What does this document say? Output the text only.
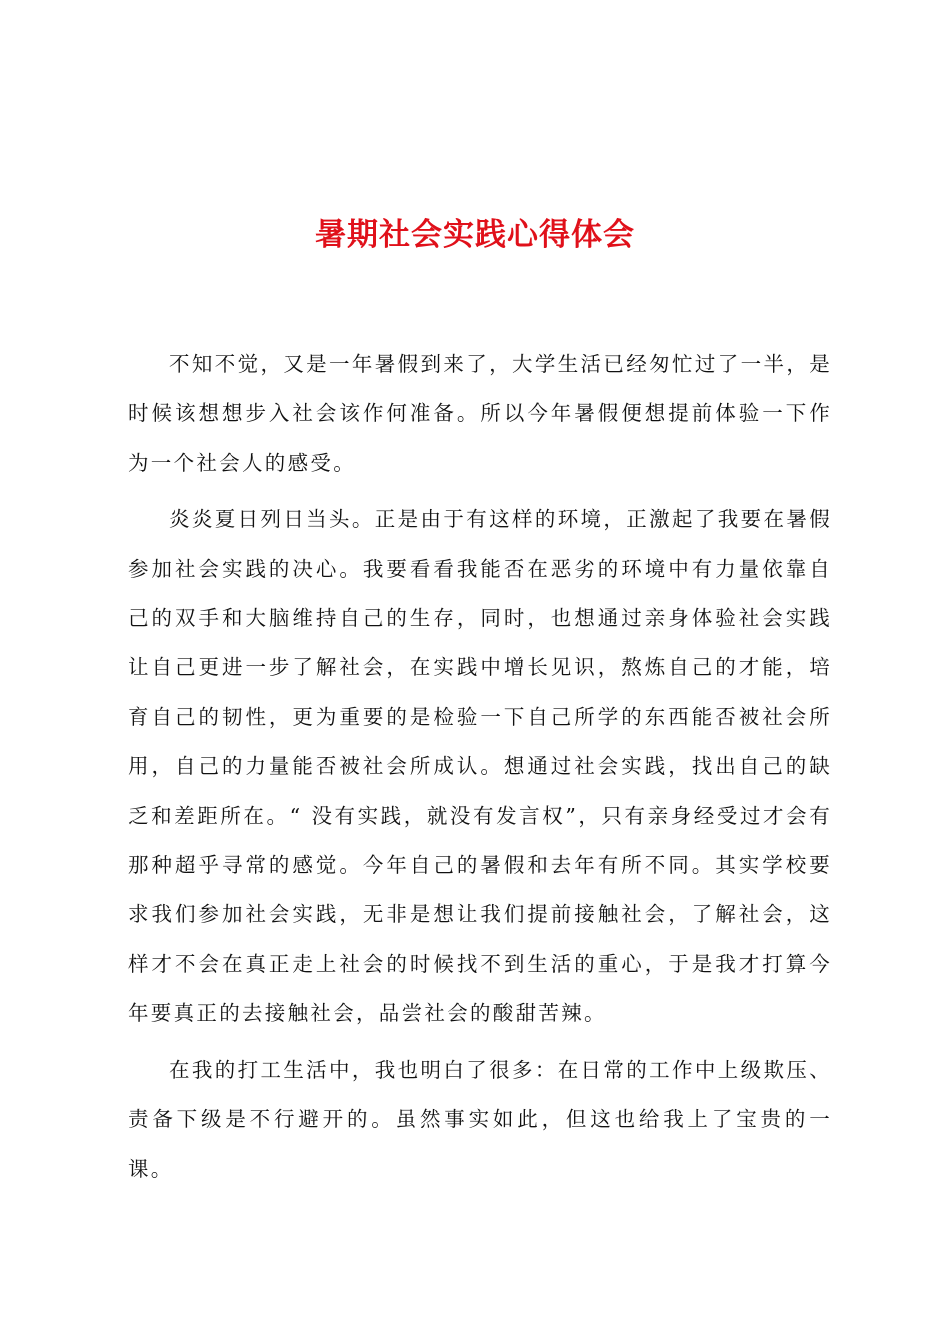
暑期社会实践心得体会

不知不觉，又是一年暑假到来了，大学生活已经匆忙过了一半，是时候该想想步入社会该作何准备。所以今年暑假便想提前体验一下作为一个社会人的感受。

炎炎夏日列日当头。正是由于有这样的环境，正激起了我要在暑假参加社会实践的决心。我要看看我能否在恶劣的环境中有力量依靠自己的双手和大脑维持自己的生存，同时，也想通过亲身体验社会实践让自己更进一步了解社会，在实践中增长见识，熬炼自己的才能，培育自己的韧性，更为重要的是检验一下自己所学的东西能否被社会所用，自己的力量能否被社会所成认。想通过社会实践，找出自己的缺乏和差距所在。“ 没有实践，就没有发言权”，只有亲身经受过才会有那种超乎寻常的感觉。今年自己的暑假和去年有所不同。其实学校要求我们参加社会实践，无非是想让我们提前接触社会，了解社会，这样才不会在真正走上社会的时候找不到生活的重心，于是我才打算今年要真正的去接触社会，品尝社会的酸甜苦辣。

在我的打工生活中，我也明白了很多：在日常的工作中上级欺压、责备下级是不行避开的。虽然事实如此，但这也给我上了宝贵的一课。
